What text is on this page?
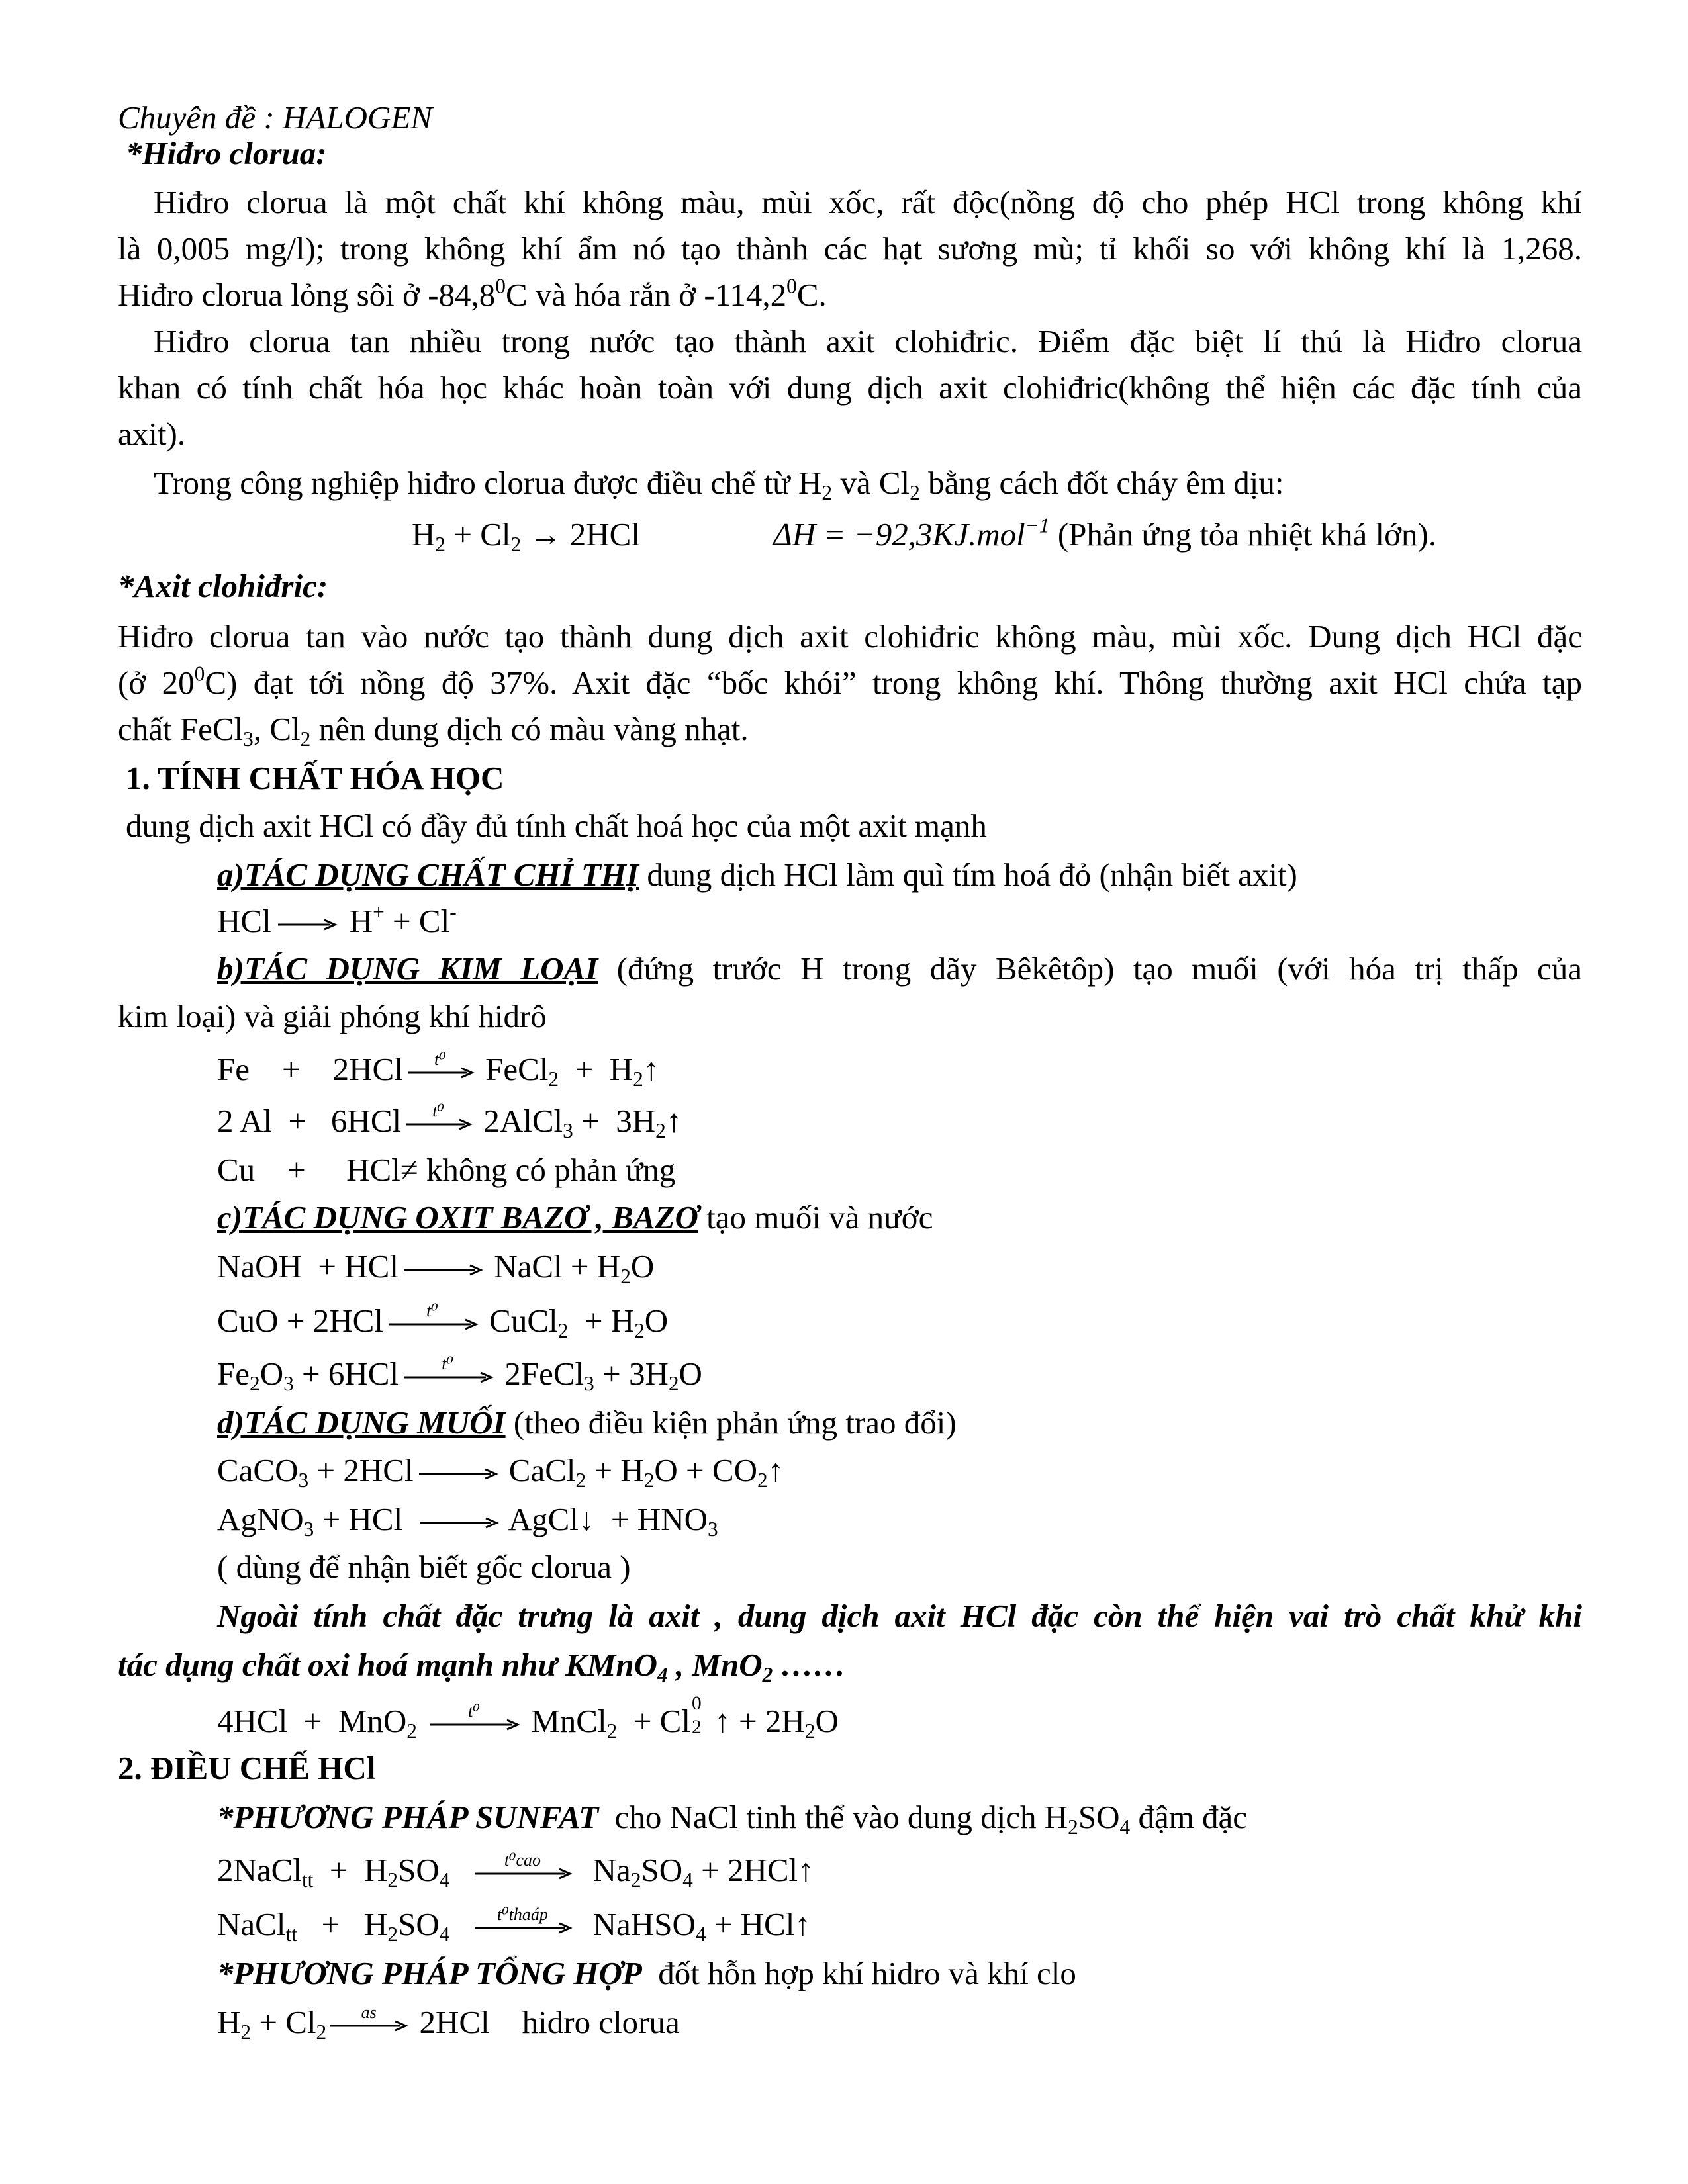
Chuyên đề : HALOGEN

*Hiđro clorua:

Hiđro clorua là một chất khí không màu, mùi xốc, rất độc(nồng độ cho phép HCl trong không khí

là 0,005 mg/l); trong không khí ẩm nó tạo thành các hạt sương mù; tỉ khối so với không khí là 1,268.

Hiđro clorua lỏng sôi ở -84,8$^0$C và hóa rắn ở -114,2$^0$C.

Hiđro clorua tan nhiều trong nước tạo thành axit clohiđric. Điểm đặc biệt lí thú là Hiđro clorua

khan có tính chất hóa học khác hoàn toàn với dung dịch axit clohiđric(không thể hiện các đặc tính của

axit).

Trong công nghiệp hiđro clorua được điều chế từ $H_2$ và $Cl_2$ bằng cách đốt cháy êm dịu:

$H_2 + Cl_2 \to 2HCl$	ΔH = −92,3KJ.mol$^{-1}$ (Phản ứng tỏa nhiệt khá lớn).

*Axit clohiđric:

Hiđro clorua tan vào nước tạo thành dung dịch axit clohiđric không màu, mùi xốc. Dung dịch HCl đặc

(ở $20^0C$) đạt tới nồng độ 37%. Axit đặc “bốc khói” trong không khí. Thông thường axit HCl chứa tạp

chất FeCl$_3$, $Cl_2$ nên dung dịch có màu vàng nhạt.

1. TÍNH CHẤT HÓA HỌC

dung dịch axit HCl có đầy đủ tính chất hoá học của một axit mạnh

a)TÁC DỤNG CHẤT CHỈ THỊ dung dịch HCl làm quì tím hoá đỏ (nhận biết axit)

HCl H+ + Cl-

b)TÁC DỤNG KIM LOẠI (đứng trước H trong dãy Bêkêtôp) tạo muối (với hóa trị thấp của

kim loại) và giải phóng khí hidrô

Fe    +    2HCl	t⁰ FeCl$_2$  +  $H_2↑$

2 Al  +   6HCl	t⁰ 2AlCl$_3$ +  $3H_2↑$

Cu    +     HCl≠ không có phản ứng

c)TÁC DỤNG OXIT BAZƠ , BAZƠ tạo muối và nước

NaOH  + HCl	NaCl + $H_2O$

CuO + 2HCl	t⁰	CuCl$_2$  + $H_2O$

$Fe_2O_3 + 6HCl$	t⁰	2FeCl$_3$ + $3H_2O$

d)TÁC DỤNG MUỐI (theo điều kiện phản ứng trao đổi)

CaCO$_3$ + 2HCl	CaCl$_2$ + $H_2O$ + $CO_2↑$

AgNO$_3$ + HCl	AgCl↓  + $HNO_3$

( dùng để nhận biết gốc clorua )

Ngoài tính chất đặc trưng là axit , dung dịch axit HCl đặc còn thể hiện vai trò chất khử khi

tác dụng chất oxi hoá mạnh như KMnO$_4$ , MnO$_2$ ……

4HCl  +  MnO$_2$
t⁰	MnCl$_2$  + Cl 0
2 ↑ + $2H_2O$

2. ĐIỀU CHẾ HCl

*PHƯƠNG PHÁP SUNFAT  cho NaCl tinh thể vào dung dịch $H_2SO_4$ đậm đặc

2NaCl$_{tt}$  +  $H_2SO_4$
t⁰cao	$Na_2SO_4$ + 2HCl↑

NaCl$_{tt}$   +   $H_2SO_4$
t⁰thaáp	NaHSO$_4$ + HCl↑

*PHƯƠNG PHÁP TỔNG HỢP  đốt hỗn hợp khí hidro và khí clo

$H_2 + Cl_2$
as	2HCl    hidro clorua
